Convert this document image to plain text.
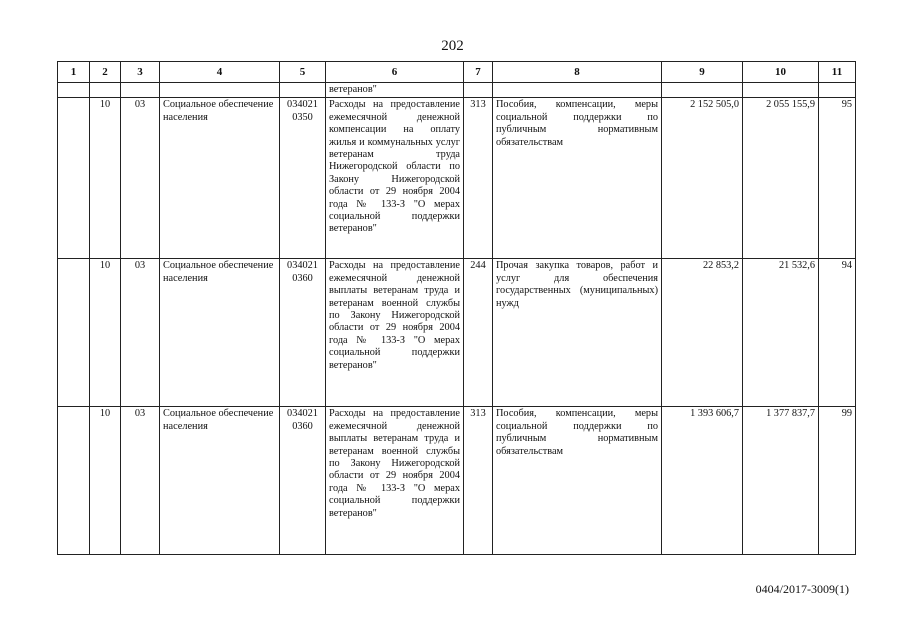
202
1	2	3	4	5	6	7	8	9	10	11
					ветеранов"					
	10	03	Социальное обеспечение населения	034021 0350	Расходы на предоставление ежемесячной денежной компенсации на оплату жилья и коммунальных услуг ветеранам труда Нижегородской области по Закону Нижегородской области от 29 ноября 2004 года № 133-З "О мерах социальной поддержки ветеранов"	313	Пособия, компенсации, меры социальной поддержки по публичным нормативным обязательствам	2 152 505,0	2 055 155,9	95
	10	03	Социальное обеспечение населения	034021 0360	Расходы на предоставление ежемесячной денежной выплаты ветеранам труда и ветеранам военной службы по Закону Нижегородской области от 29 ноября 2004 года № 133-З "О мерах социальной поддержки ветеранов"	244	Прочая закупка товаров, работ и услуг для обеспечения государственных (муниципальных) нужд	22 853,2	21 532,6	94
	10	03	Социальное обеспечение населения	034021 0360	Расходы на предоставление ежемесячной денежной выплаты ветеранам труда и ветеранам военной службы по Закону Нижегородской области от 29 ноября 2004 года № 133-З "О мерах социальной поддержки ветеранов"	313	Пособия, компенсации, меры социальной поддержки по публичным нормативным обязательствам	1 393 606,7	1 377 837,7	99
0404/2017-3009(1)
